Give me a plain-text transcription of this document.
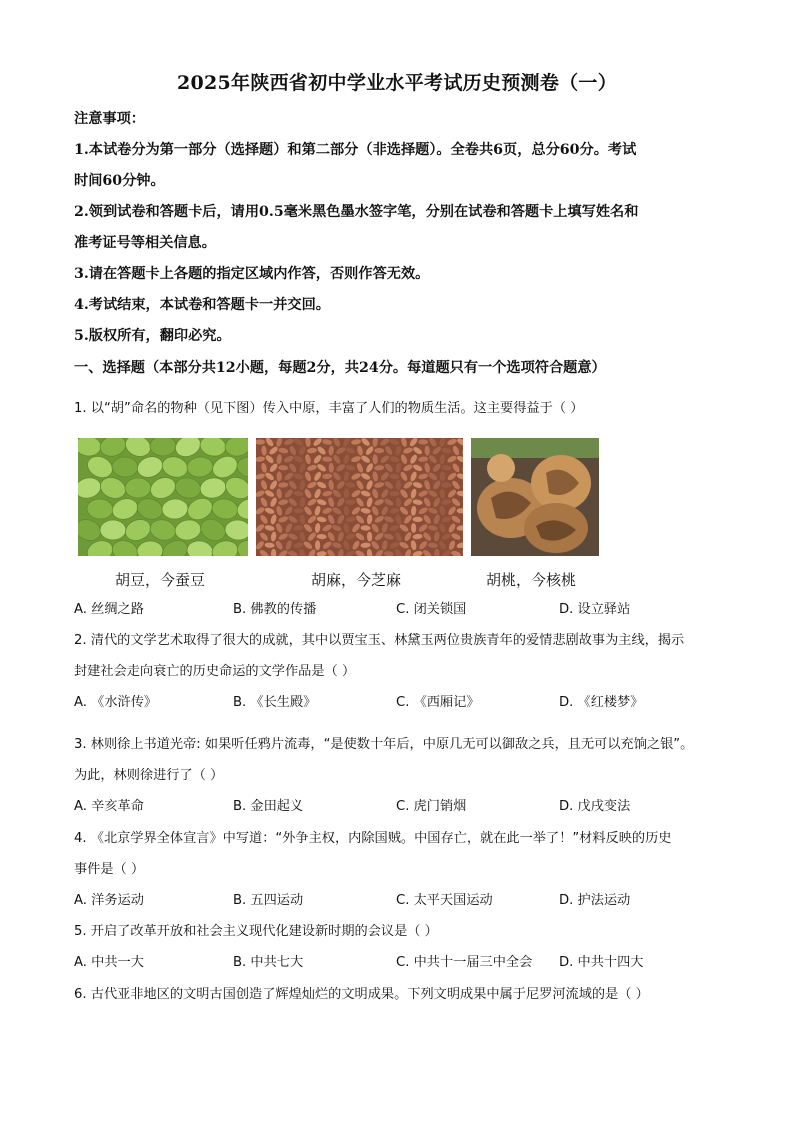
2025年陕西省初中学业水平考试历史预测卷（一）
注意事项：
1.本试卷分为第一部分（选择题）和第二部分（非选择题）。全卷共6页，总分60分。考试
时间60分钟。
2.领到试卷和答题卡后，请用0.5毫米黑色墨水签字笔，分别在试卷和答题卡上填写姓名和
准考证号等相关信息。
3.请在答题卡上各题的指定区域内作答，否则作答无效。
4.考试结束，本试卷和答题卡一并交回。
5.版权所有，翻印必究。
一、选择题（本部分共12小题，每题2分，共24分。每道题只有一个选项符合题意）
1. 以“胡”命名的物种（见下图）传入中原，丰富了人们的物质生活。这主要得益于（ ）
胡豆，今蚕豆	胡麻，今芝麻	胡桃，今核桃
A. 丝绸之路	B. 佛教的传播	C. 闭关锁国	D. 设立驿站
2. 清代的文学艺术取得了很大的成就，其中以贾宝玉、林黛玉两位贵族青年的爱情悲剧故事为主线，揭示
封建社会走向衰亡的历史命运的文学作品是（ ）
A. 《水浒传》	B. 《长生殿》	C. 《西厢记》	D. 《红楼梦》
3. 林则徐上书道光帝: 如果听任鸦片流毒，“是使数十年后，中原几无可以御敌之兵，且无可以充饷之银”。
为此，林则徐进行了（ ）
A. 辛亥革命	B. 金田起义	C. 虎门销烟	D. 戊戌变法
4. 《北京学界全体宣言》中写道：“外争主权，内除国贼。中国存亡，就在此一举了！”材料反映的历史
事件是（ ）
A. 洋务运动	B. 五四运动	C. 太平天国运动	D. 护法运动
5. 开启了改革开放和社会主义现代化建设新时期的会议是（ ）
A. 中共一大	B. 中共七大	C. 中共十一届三中全会 D. 中共十四大
6. 古代亚非地区的文明古国创造了辉煌灿烂的文明成果。下列文明成果中属于尼罗河流域的是（ ）
